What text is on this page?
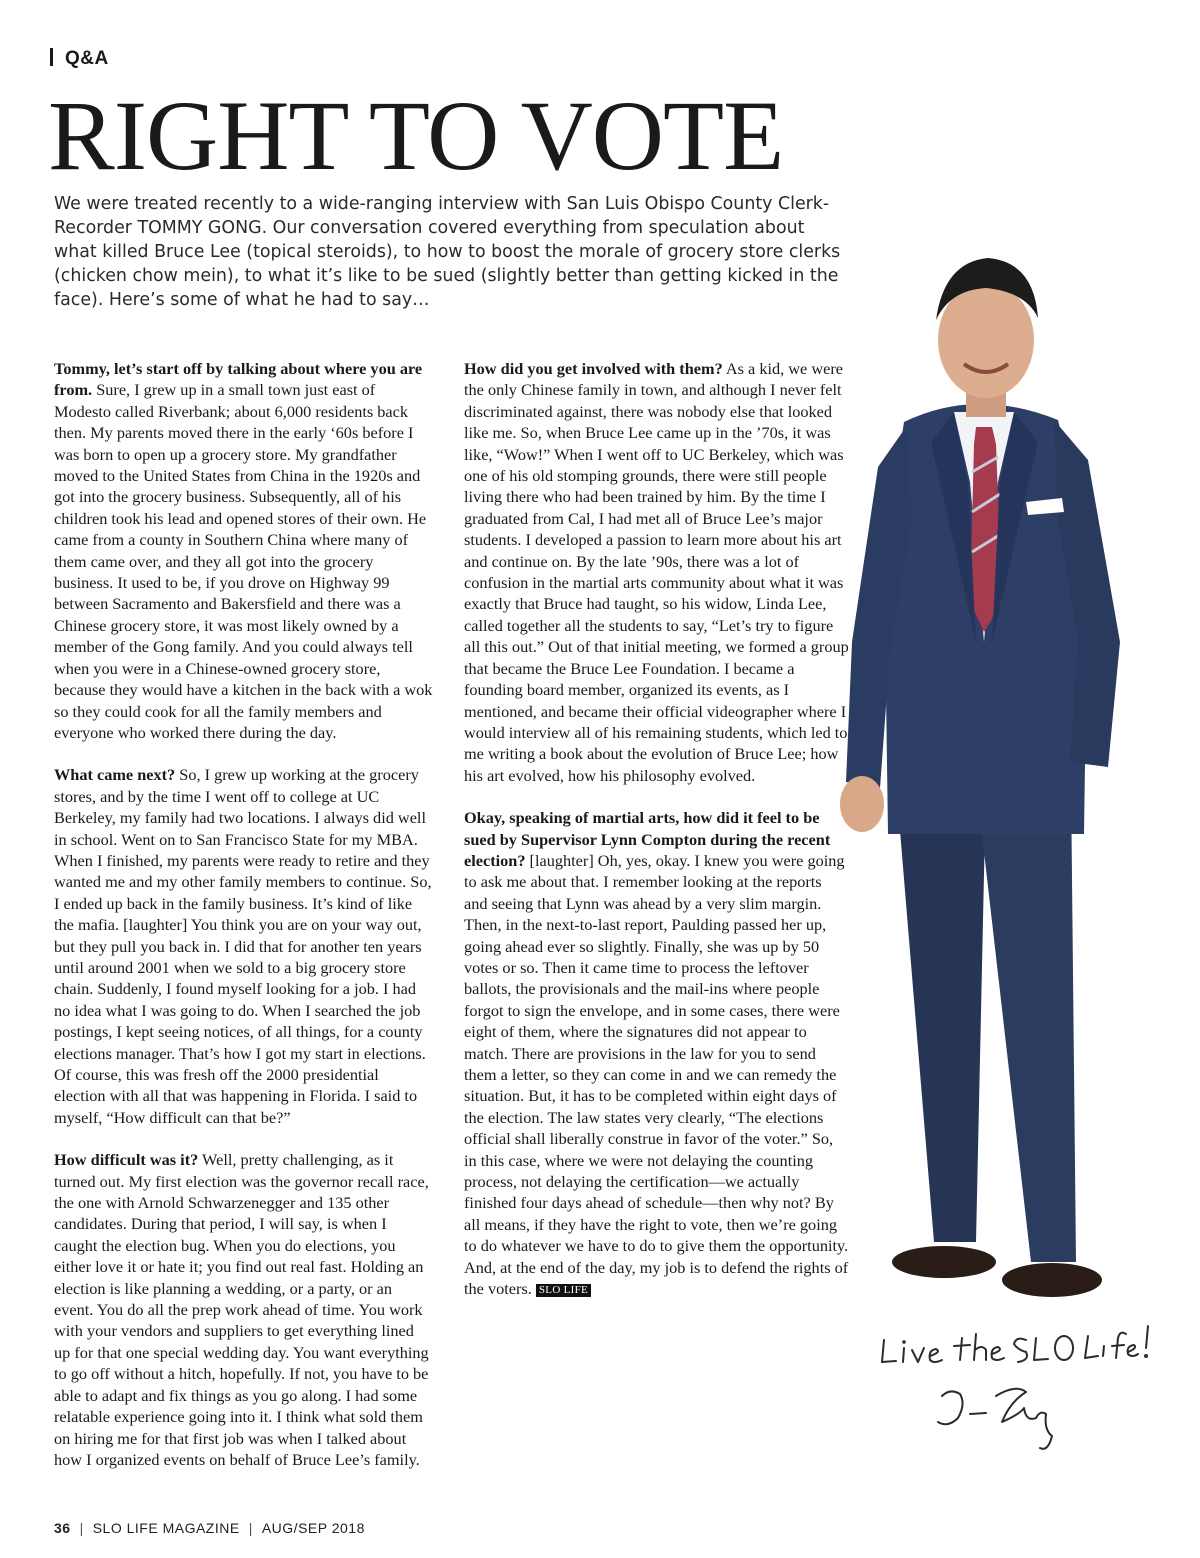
Q&A
RIGHT TO VOTE

We were treated recently to a wide-ranging interview with San Luis Obispo County Clerk-Recorder TOMMY GONG. Our conversation covered everything from speculation about what killed Bruce Lee (topical steroids), to how to boost the morale of grocery store clerks (chicken chow mein), to what it’s like to be sued (slightly better than getting kicked in the face). Here’s some of what he had to say…

Tommy, let’s start off by talking about where you are from. Sure, I grew up in a small town just east of Modesto called Riverbank; about 6,000 residents back then. My parents moved there in the early ‘60s before I was born to open up a grocery store. My grandfather moved to the United States from China in the 1920s and got into the grocery business. Subsequently, all of his children took his lead and opened stores of their own. He came from a county in Southern China where many of them came over, and they all got into the grocery business. It used to be, if you drove on Highway 99 between Sacramento and Bakersfield and there was a Chinese grocery store, it was most likely owned by a member of the Gong family. And you could always tell when you were in a Chinese-owned grocery store, because they would have a kitchen in the back with a wok so they could cook for all the family members and everyone who worked there during the day.

What came next? So, I grew up working at the grocery stores, and by the time I went off to college at UC Berkeley, my family had two locations. I always did well in school. Went on to San Francisco State for my MBA. When I finished, my parents were ready to retire and they wanted me and my other family members to continue. So, I ended up back in the family business. It’s kind of like the mafia. [laughter] You think you are on your way out, but they pull you back in. I did that for another ten years until around 2001 when we sold to a big grocery store chain. Suddenly, I found myself looking for a job. I had no idea what I was going to do. When I searched the job postings, I kept seeing notices, of all things, for a county elections manager. That’s how I got my start in elections. Of course, this was fresh off the 2000 presidential election with all that was happening in Florida. I said to myself, “How difficult can that be?”

How difficult was it? Well, pretty challenging, as it turned out. My first election was the governor recall race, the one with Arnold Schwarzenegger and 135 other candidates. During that period, I will say, is when I caught the election bug. When you do elections, you either love it or hate it; you find out real fast. Holding an election is like planning a wedding, or a party, or an event. You do all the prep work ahead of time. You work with your vendors and suppliers to get everything lined up for that one special wedding day. You want everything to go off without a hitch, hopefully. If not, you have to be able to adapt and fix things as you go along. I had some relatable experience going into it. I think what sold them on hiring me for that first job was when I talked about how I organized events on behalf of Bruce Lee’s family.

How did you get involved with them? As a kid, we were the only Chinese family in town, and although I never felt discriminated against, there was nobody else that looked like me. So, when Bruce Lee came up in the ’70s, it was like, “Wow!” When I went off to UC Berkeley, which was one of his old stomping grounds, there were still people living there who had been trained by him. By the time I graduated from Cal, I had met all of Bruce Lee’s major students. I developed a passion to learn more about his art and continue on. By the late ’90s, there was a lot of confusion in the martial arts community about what it was exactly that Bruce had taught, so his widow, Linda Lee, called together all the students to say, “Let’s try to figure all this out.” Out of that initial meeting, we formed a group that became the Bruce Lee Foundation. I became a founding board member, organized its events, as I mentioned, and became their official videographer where I would interview all of his remaining students, which led to me writing a book about the evolution of Bruce Lee; how his art evolved, how his philosophy evolved.

Okay, speaking of martial arts, how did it feel to be sued by Supervisor Lynn Compton during the recent election? [laughter] Oh, yes, okay. I knew you were going to ask me about that. I remember looking at the reports and seeing that Lynn was ahead by a very slim margin. Then, in the next-to-last report, Paulding passed her up, going ahead ever so slightly. Finally, she was up by 50 votes or so. Then it came time to process the leftover ballots, the provisionals and the mail-ins where people forgot to sign the envelope, and in some cases, there were eight of them, where the signatures did not appear to match. There are provisions in the law for you to send them a letter, so they can come in and we can remedy the situation. But, it has to be completed within eight days of the election. The law states very clearly, “The elections official shall liberally construe in favor of the voter.” So, in this case, where we were not delaying the counting process, not delaying the certification—we actually finished four days ahead of schedule—then why not? By all means, if they have the right to vote, then we’re going to do whatever we have to do to give them the opportunity. And, at the end of the day, my job is to defend the rights of the voters. SLO LIFE

36 | SLO LIFE MAGAZINE | AUG/SEP 2018
